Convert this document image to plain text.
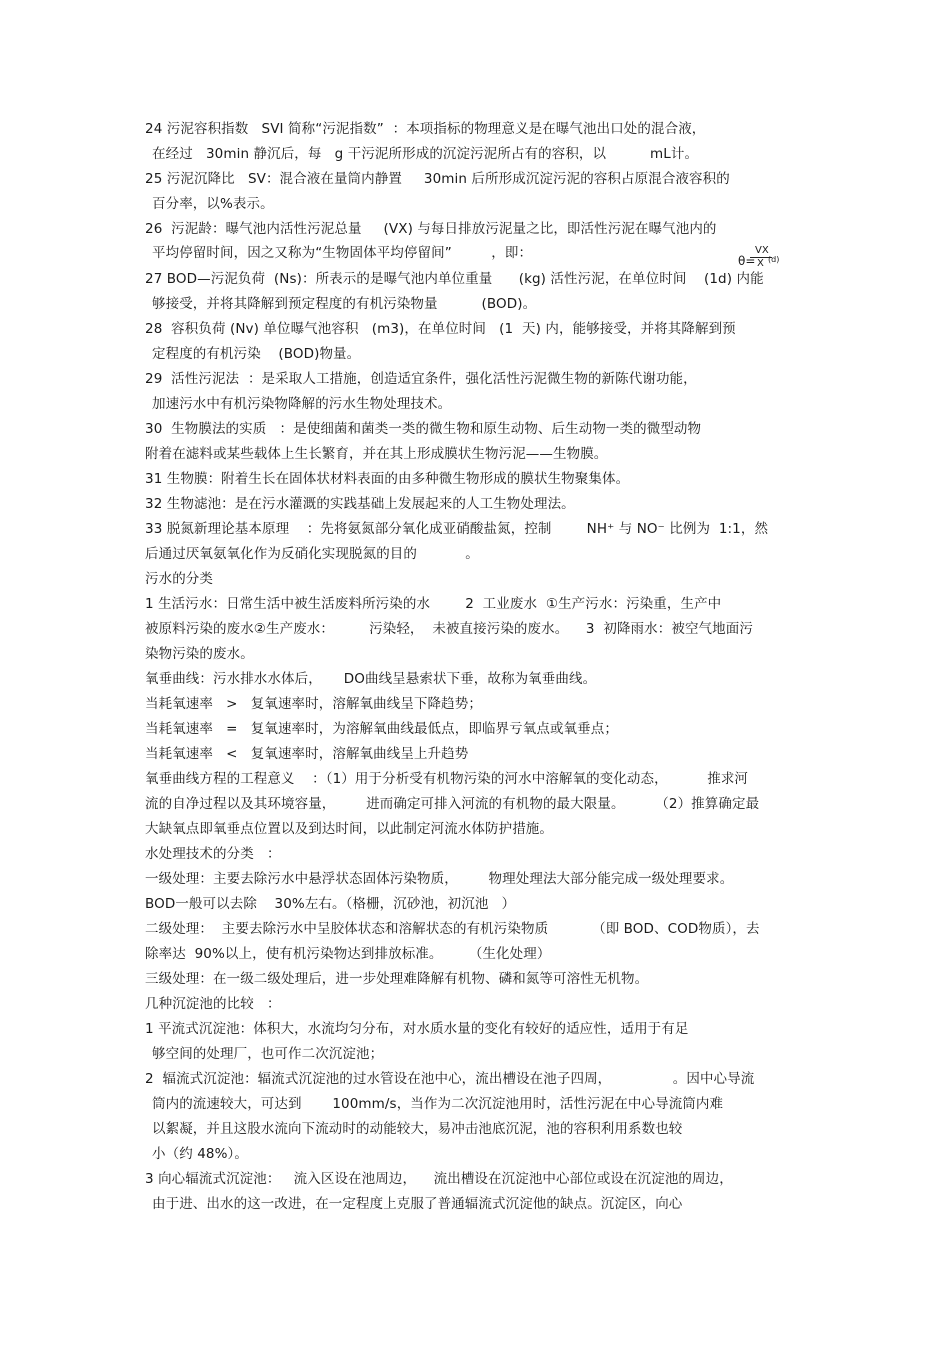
24 污泥容积指数   SVI 简称“污泥指数”  ：本项指标的物理意义是在曝气池出口处的混合液，
在经过   30min 静沉后，每   g 干污泥所形成的沉淀污泥所占有的容积，以          mL计。
25 污泥沉降比   SV：混合液在量筒内静置     30min 后所形成沉淀污泥的容积占原混合液容积的
百分率，以%表示。
26  污泥龄：曝气池内活性污泥总量     (VX) 与每日排放污泥量之比，即活性污泥在曝气池内的
平均停留时间，因之又称为“生物固体平均停留间”         ，即：	VX
θ= (d)
X
27 BOD—污泥负荷  (Ns)：所表示的是曝气池内单位重量      (kg) 活性污泥，在单位时间    (1d) 内能
够接受，并将其降解到预定程度的有机污染物量          (BOD)。
28  容积负荷 (Nv) 单位曝气池容积   (m3)，在单位时间   (1  天) 内，能够接受，并将其降解到预
定程度的有机污染    (BOD)物量。
29  活性污泥法  ：是采取人工措施，创造适宜条件，强化活性污泥微生物的新陈代谢功能，
加速污水中有机污染物降解的污水生物处理技术。
30  生物膜法的实质   ：是使细菌和菌类一类的微生物和原生动物、后生动物一类的微型动物
附着在滤料或某些载体上生长繁育，并在其上形成膜状生物污泥——生物膜。
31 生物膜：附着生长在固体状材料表面的由多种微生物形成的膜状生物聚集体。
32 生物滤池：是在污水灌溉的实践基础上发展起来的人工生物处理法。
33 脱氮新理论基本原理    ：先将氨氮部分氧化成亚硝酸盐氮，控制        NH⁺ 与 NO⁻ 比例为  1:1，然
后通过厌氧氨氧化作为反硝化实现脱氮的目的           。
污水的分类
1 生活污水：日常生活中被生活废料所污染的水        2  工业废水  ①生产污水：污染重，生产中
被原料污染的废水②生产废水：        污染轻，  未被直接污染的废水。    3  初降雨水：被空气地面污
染物污染的废水。
氧垂曲线：污水排水水体后，     DO曲线呈悬索状下垂，故称为氧垂曲线。
当耗氧速率   >   复氧速率时，溶解氧曲线呈下降趋势；
当耗氧速率   =   复氧速率时，为溶解氧曲线最低点，即临界亏氧点或氧垂点；
当耗氧速率   <   复氧速率时，溶解氧曲线呈上升趋势
氧垂曲线方程的工程意义    ：（1）用于分析受有机物污染的河水中溶解氧的变化动态，         推求河
流的自净过程以及其环境容量，       进而确定可排入河流的有机物的最大限量。       （2）推算确定最
大缺氧点即氧垂点位置以及到达时间，以此制定河流水体防护措施。
水处理技术的分类   ：
一级处理：主要去除污水中悬浮状态固体污染物质，       物理处理法大部分能完成一级处理要求。
BOD一般可以去除    30%左右。（格栅，沉砂池，初沉池   ）
二级处理：  主要去除污水中呈胶体状态和溶解状态的有机污染物质          （即 BOD、COD物质），去
除率达  90%以上，使有机污染物达到排放标准。      （生化处理）
三级处理：在一级二级处理后，进一步处理难降解有机物、磷和氮等可溶性无机物。
几种沉淀池的比较   ：
1 平流式沉淀池：体积大，水流均匀分布，对水质水量的变化有较好的适应性，适用于有足
够空间的处理厂，也可作二次沉淀池；
2  辐流式沉淀池：辐流式沉淀池的过水管设在池中心，流出槽设在池子四周，              。因中心导流
筒内的流速较大，可达到       100mm/s，当作为二次沉淀池用时，活性污泥在中心导流筒内难
以絮凝，并且这股水流向下流动时的动能较大，易冲击池底沉泥，池的容积利用系数也较
小（约 48%）。
3 向心辐流式沉淀池：   流入区设在池周边，    流出槽设在沉淀池中心部位或设在沉淀池的周边，
由于进、出水的这一改进，在一定程度上克服了普通辐流式沉淀他的缺点。沉淀区，向心
